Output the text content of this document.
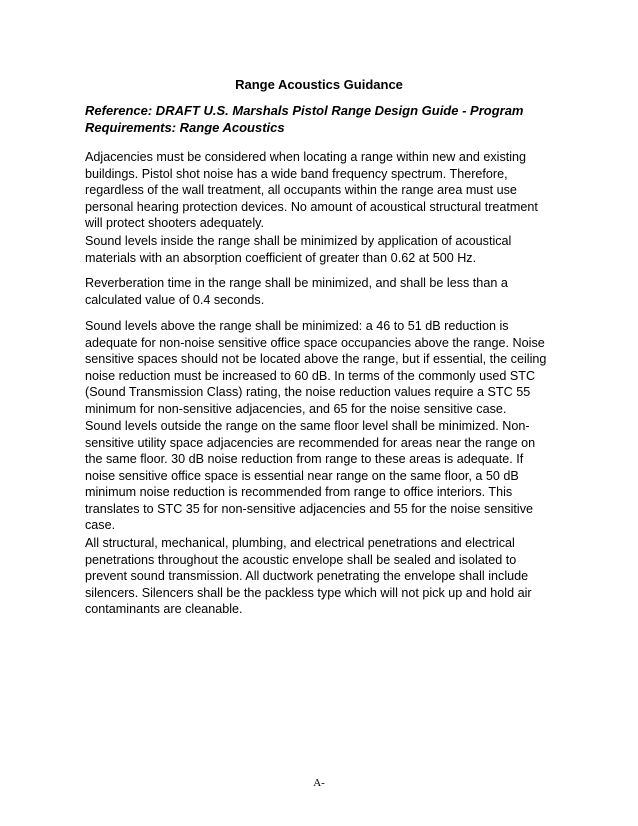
Range Acoustics Guidance
Reference: DRAFT U.S. Marshals Pistol Range Design Guide - Program Requirements: Range Acoustics

Adjacencies must be considered when locating a range within new and existing buildings. Pistol shot noise has a wide band frequency spectrum. Therefore, regardless of the wall treatment, all occupants within the range area must use personal hearing protection devices. No amount of acoustical structural treatment will protect shooters adequately.

Sound levels inside the range shall be minimized by application of acoustical materials with an absorption coefficient of greater than 0.62 at 500 Hz.

Reverberation time in the range shall be minimized, and shall be less than a calculated value of 0.4 seconds.

Sound levels above the range shall be minimized: a 46 to 51 dB reduction is adequate for non-noise sensitive office space occupancies above the range. Noise sensitive spaces should not be located above the range, but if essential, the ceiling noise reduction must be increased to 60 dB. In terms of the commonly used STC (Sound Transmission Class) rating, the noise reduction values require a STC 55 minimum for non-sensitive adjacencies, and 65 for the noise sensitive case.

Sound levels outside the range on the same floor level shall be minimized. Non-sensitive utility space adjacencies are recommended for areas near the range on the same floor. 30 dB noise reduction from range to these areas is adequate. If noise sensitive office space is essential near range on the same floor, a 50 dB minimum noise reduction is recommended from range to office interiors. This translates to STC 35 for non-sensitive adjacencies and 55 for the noise sensitive case.

All structural, mechanical, plumbing, and electrical penetrations and electrical penetrations throughout the acoustic envelope shall be sealed and isolated to prevent sound transmission. All ductwork penetrating the envelope shall include silencers. Silencers shall be the packless type which will not pick up and hold air contaminants are cleanable.

A-
